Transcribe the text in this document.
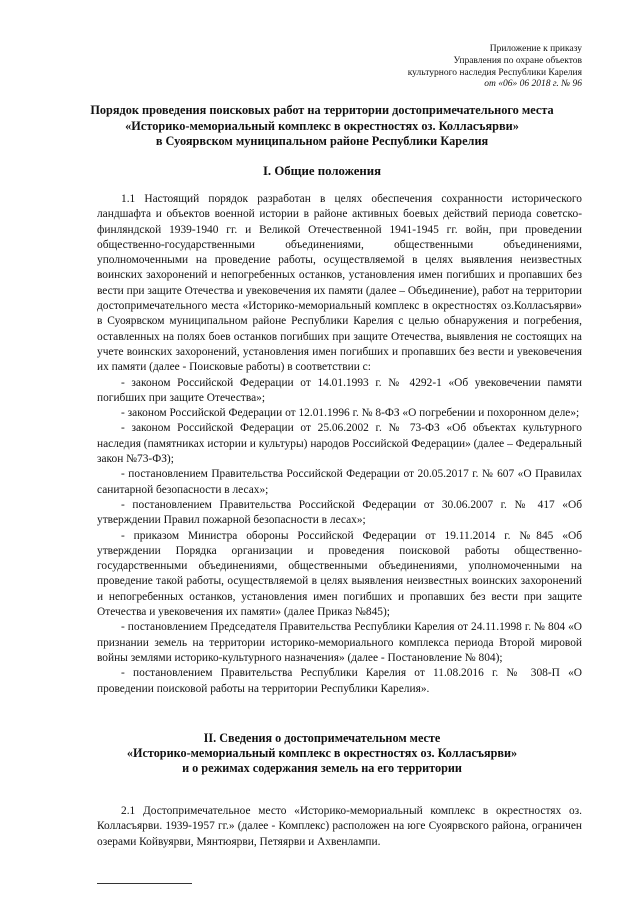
Приложение к приказу
Управления по охране объектов
культурного наследия Республики Карелия
от «06» 06 2018 г. № 96
Порядок проведения поисковых работ на территории достопримечательного места
«Историко-мемориальный комплекс в окрестностях оз. Колласъярви»
в Суоярвском муниципальном районе Республики Карелия
I. Общие положения

1.1 Настоящий порядок разработан в целях обеспечения сохранности исторического ландшафта и объектов военной истории в районе активных боевых действий периода советско-финляндской 1939-1940 гг. и Великой Отечественной 1941-1945 гг. войн, при проведении общественно-государственными объединениями, общественными объединениями, уполномоченными на проведение работы, осуществляемой в целях выявления неизвестных воинских захоронений и непогребенных останков, установления имен погибших и пропавших без вести при защите Отечества и увековечения их памяти (далее – Объединение), работ на территории достопримечательного места «Историко-мемориальный комплекс в окрестностях оз.Колласъярви» в Суоярвском муниципальном районе Республики Карелия с целью обнаружения и погребения, оставленных на полях боев останков погибших при защите Отечества, выявления не состоящих на учете воинских захоронений, установления имен погибших и пропавших без вести и увековечения их памяти (далее - Поисковые работы) в соответствии с:

- законом Российской Федерации от 14.01.1993 г. № 4292-1 «Об увековечении памяти погибших при защите Отечества»;

- законом Российской Федерации от 12.01.1996 г. № 8-ФЗ «О погребении и похоронном деле»;

- законом Российской Федерации от 25.06.2002 г. № 73-ФЗ «Об объектах культурного наследия (памятниках истории и культуры) народов Российской Федерации» (далее – Федеральный закон №73-ФЗ);

- постановлением Правительства Российской Федерации от 20.05.2017 г. № 607 «О Правилах санитарной безопасности в лесах»;

- постановлением Правительства Российской Федерации от 30.06.2007 г. № 417 «Об утверждении Правил пожарной безопасности в лесах»;

- приказом Министра обороны Российской Федерации от 19.11.2014 г. №845 «Об утверждении Порядка организации и проведения поисковой работы общественно-государственными объединениями, общественными объединениями, уполномоченными на проведение такой работы, осуществляемой в целях выявления неизвестных воинских захоронений и непогребенных останков, установления имен погибших и пропавших без вести при защите Отечества и увековечения их памяти» (далее Приказ №845);

- постановлением Председателя Правительства Республики Карелия от 24.11.1998 г. № 804 «О признании земель на территории историко-мемориального комплекса периода Второй мировой войны землями историко-культурного назначения» (далее - Постановление № 804);

- постановлением Правительства Республики Карелия от 11.08.2016 г. № 308-П «О проведении поисковой работы на территории Республики Карелия».

II. Сведения о достопримечательном месте
«Историко-мемориальный комплекс в окрестностях оз. Колласъярви»
и о режимах содержания земель на его территории

2.1 Достопримечательное место «Историко-мемориальный комплекс в окрестностях оз. Колласъярви. 1939-1957 гг.» (далее - Комплекс) расположен на юге Суоярвского района, ограничен озерами Койвуярви, Мянтюярви, Петяярви и Ахвенлампи.
